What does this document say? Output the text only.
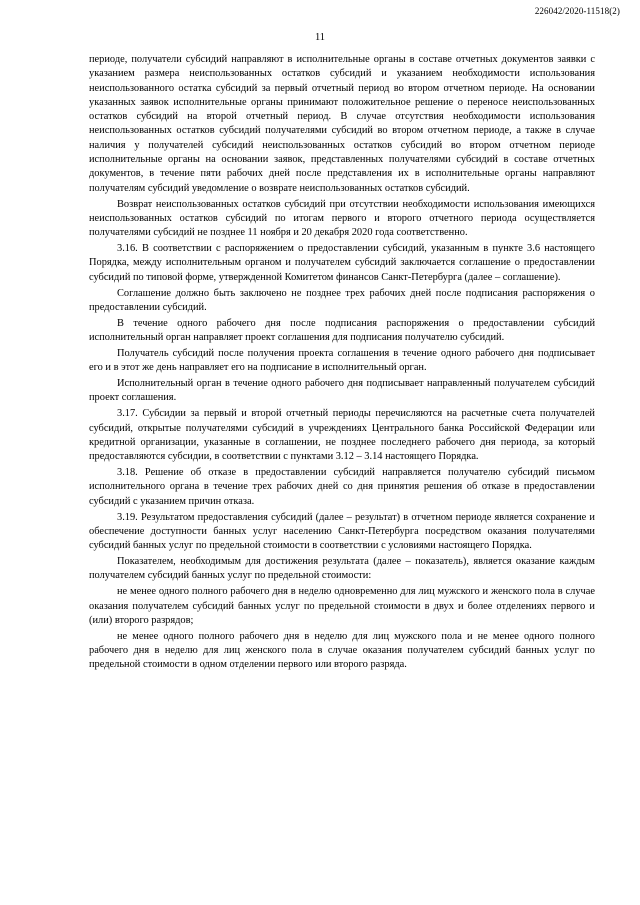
226042/2020-11518(2)
11

периоде, получатели субсидий направляют в исполнительные органы в составе отчетных документов заявки с указанием размера неиспользованных остатков субсидий и указанием необходимости использования неиспользованного остатка субсидий за первый отчетный период во втором отчетном периоде. На основании указанных заявок исполнительные органы принимают положительное решение о переносе неиспользованных остатков субсидий на второй отчетный период. В случае отсутствия необходимости использования неиспользованных остатков субсидий получателями субсидий во втором отчетном периоде, а также в случае наличия у получателей субсидий неиспользованных остатков субсидий во втором отчетном периоде исполнительные органы на основании заявок, представленных получателями субсидий в составе отчетных документов, в течение пяти рабочих дней после представления их в исполнительные органы направляют получателям субсидий уведомление о возврате неиспользованных остатков субсидий.

Возврат неиспользованных остатков субсидий при отсутствии необходимости использования имеющихся неиспользованных остатков субсидий по итогам первого и второго отчетного периода осуществляется получателями субсидий не позднее 11 ноября и 20 декабря 2020 года соответственно.

3.16. В соответствии с распоряжением о предоставлении субсидий, указанным в пункте 3.6 настоящего Порядка, между исполнительным органом и получателем субсидий заключается соглашение о предоставлении субсидий по типовой форме, утвержденной Комитетом финансов Санкт-Петербурга (далее – соглашение).

Соглашение должно быть заключено не позднее трех рабочих дней после подписания распоряжения о предоставлении субсидий.

В течение одного рабочего дня после подписания распоряжения о предоставлении субсидий исполнительный орган направляет проект соглашения для подписания получателю субсидий.

Получатель субсидий после получения проекта соглашения в течение одного рабочего дня подписывает его и в этот же день направляет его на подписание в исполнительный орган.

Исполнительный орган в течение одного рабочего дня подписывает направленный получателем субсидий проект соглашения.

3.17. Субсидии за первый и второй отчетный периоды перечисляются на расчетные счета получателей субсидий, открытые получателями субсидий в учреждениях Центрального банка Российской Федерации или кредитной организации, указанные в соглашении, не позднее последнего рабочего дня периода, за который предоставляются субсидии, в соответствии с пунктами 3.12 – 3.14 настоящего Порядка.

3.18. Решение об отказе в предоставлении субсидий направляется получателю субсидий письмом исполнительного органа в течение трех рабочих дней со дня принятия решения об отказе в предоставлении субсидий с указанием причин отказа.

3.19. Результатом предоставления субсидий (далее – результат) в отчетном периоде является сохранение и обеспечение доступности банных услуг населению Санкт-Петербурга посредством оказания получателями субсидий банных услуг по предельной стоимости в соответствии с условиями настоящего Порядка.

Показателем, необходимым для достижения результата (далее – показатель), является оказание каждым получателем субсидий банных услуг по предельной стоимости:

не менее одного полного рабочего дня в неделю одновременно для лиц мужского и женского пола в случае оказания получателем субсидий банных услуг по предельной стоимости в двух и более отделениях первого и (или) второго разрядов;

не менее одного полного рабочего дня в неделю для лиц мужского пола и не менее одного полного рабочего дня в неделю для лиц женского пола в случае оказания получателем субсидий банных услуг по предельной стоимости в одном отделении первого или второго разряда.
